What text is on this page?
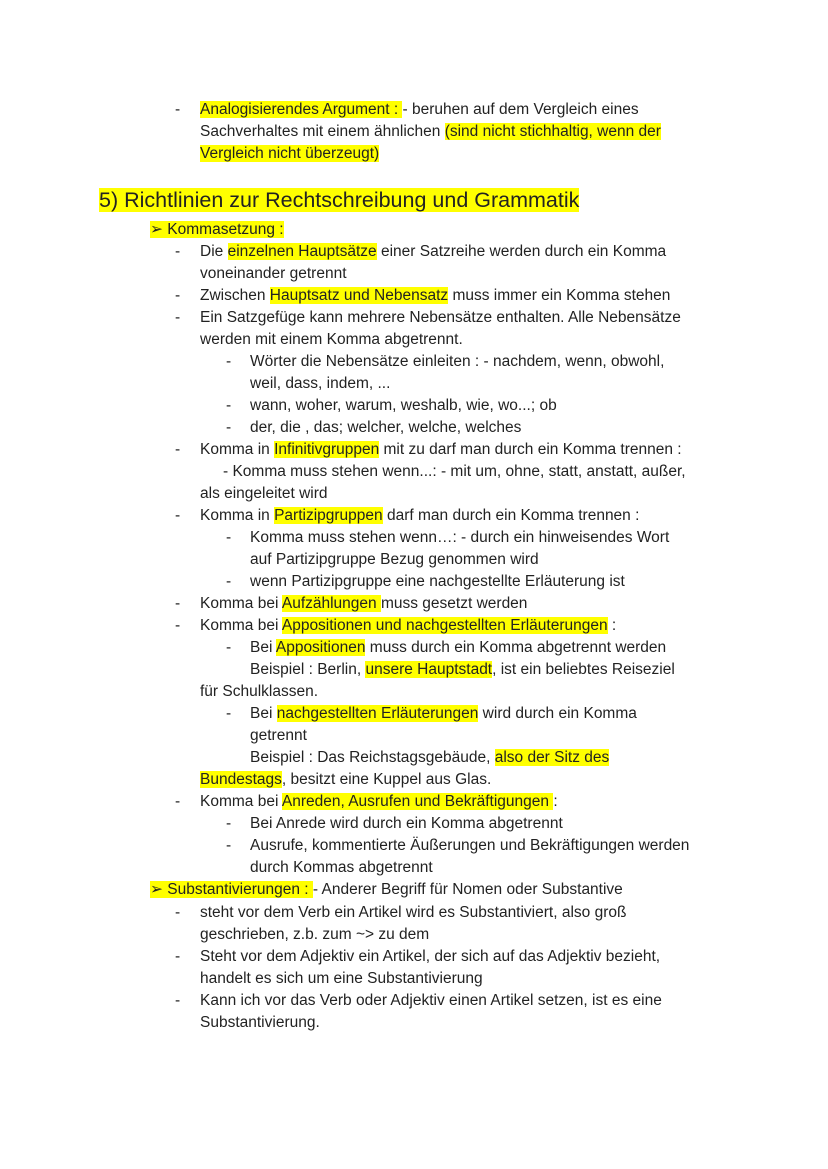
- Analogisierendes Argument : - beruhen auf dem Vergleich eines
Sachverhaltes mit einem ähnlichen (sind nicht stichhaltig, wenn der
Vergleich nicht überzeugt)
5) Richtlinien zur Rechtschreibung und Grammatik
➢ Kommasetzung :
- Die einzelnen Hauptsätze einer Satzreihe werden durch ein Komma
voneinander getrennt
- Zwischen Hauptsatz und Nebensatz muss immer ein Komma stehen
- Ein Satzgefüge kann mehrere Nebensätze enthalten. Alle Nebensätze
werden mit einem Komma abgetrennt.
- Wörter die Nebensätze einleiten : - nachdem, wenn, obwohl,
weil, dass, indem, ...
- wann, woher, warum, weshalb, wie, wo...; ob
- der, die , das; welcher, welche, welches
- Komma in Infinitivgruppen mit zu darf man durch ein Komma trennen :
- Komma muss stehen wenn...: - mit um, ohne, statt, anstatt, außer,
als eingeleitet wird
- Komma in Partizipgruppen darf man durch ein Komma trennen :
- Komma muss stehen wenn…: - durch ein hinweisendes Wort
auf Partizipgruppe Bezug genommen wird
- wenn Partizipgruppe eine nachgestellte Erläuterung ist
- Komma bei Aufzählungen muss gesetzt werden
- Komma bei Appositionen und nachgestellten Erläuterungen :
- Bei Appositionen muss durch ein Komma abgetrennt werden
Beispiel : Berlin, unsere Hauptstadt, ist ein beliebtes Reiseziel
für Schulklassen.
- Bei nachgestellten Erläuterungen wird durch ein Komma
getrennt
Beispiel : Das Reichstagsgebäude, also der Sitz des
Bundestags, besitzt eine Kuppel aus Glas.
- Komma bei Anreden, Ausrufen und Bekräftigungen :
- Bei Anrede wird durch ein Komma abgetrennt
- Ausrufe, kommentierte Äußerungen und Bekräftigungen werden
durch Kommas abgetrennt
➢ Substantivierungen : - Anderer Begriff für Nomen oder Substantive
- steht vor dem Verb ein Artikel wird es Substantiviert, also groß
geschrieben, z.b. zum ~> zu dem
- Steht vor dem Adjektiv ein Artikel, der sich auf das Adjektiv bezieht,
handelt es sich um eine Substantivierung
- Kann ich vor das Verb oder Adjektiv einen Artikel setzen, ist es eine
Substantivierung.
